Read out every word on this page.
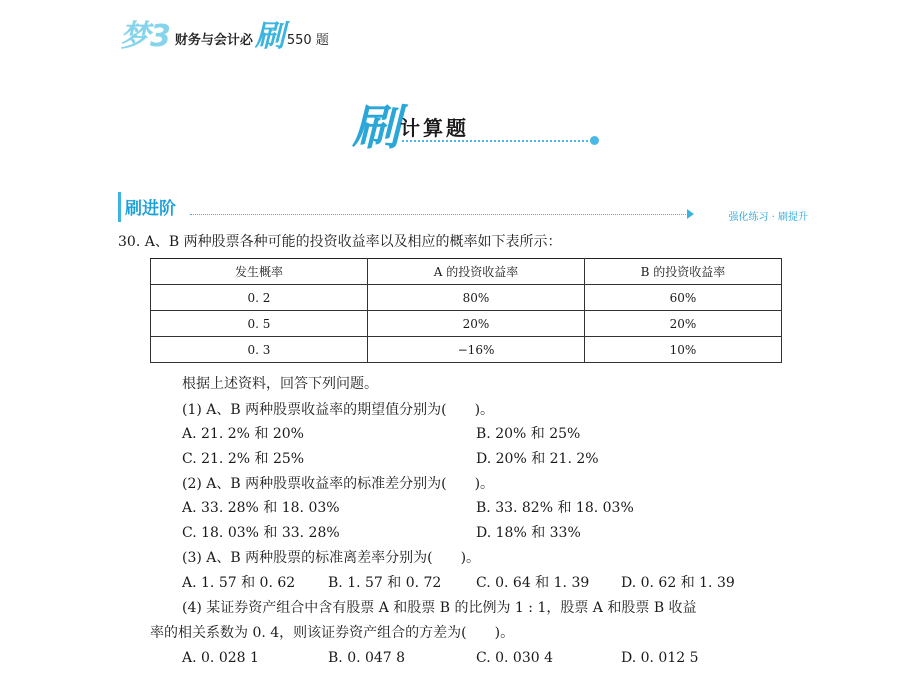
梦 3 财务与会计必 刷 550 题
刷 计算题
刷进阶	强化练习 · 刷提升
30. A、B 两种股票各种可能的投资收益率以及相应的概率如下表所示：
发生概率	A 的投资收益率	B 的投资收益率
0. 2	80%	60%
0. 5	20%	20%
0. 3	−16%	10%
根据上述资料，回答下列问题。
(1) A、B 两种股票收益率的期望值分别为(　　)。
A. 21. 2% 和 20%	B. 20% 和 25%
C. 21. 2% 和 25%	D. 20% 和 21. 2%
(2) A、B 两种股票收益率的标准差分别为(　　)。
A. 33. 28% 和 18. 03%	B. 33. 82% 和 18. 03%
C. 18. 03% 和 33. 28%	D. 18% 和 33%
(3) A、B 两种股票的标准离差率分别为(　　)。
A. 1. 57 和 0. 62 B. 1. 57 和 0. 72 C. 0. 64 和 1. 39 D. 0. 62 和 1. 39
(4) 某证券资产组合中含有股票 A 和股票 B 的比例为 1 : 1，股票 A 和股票 B 收益
率的相关系数为 0. 4，则该证券资产组合的方差为(　　)。
A. 0. 028 1	B. 0. 047 8	C. 0. 030 4	D. 0. 012 5
